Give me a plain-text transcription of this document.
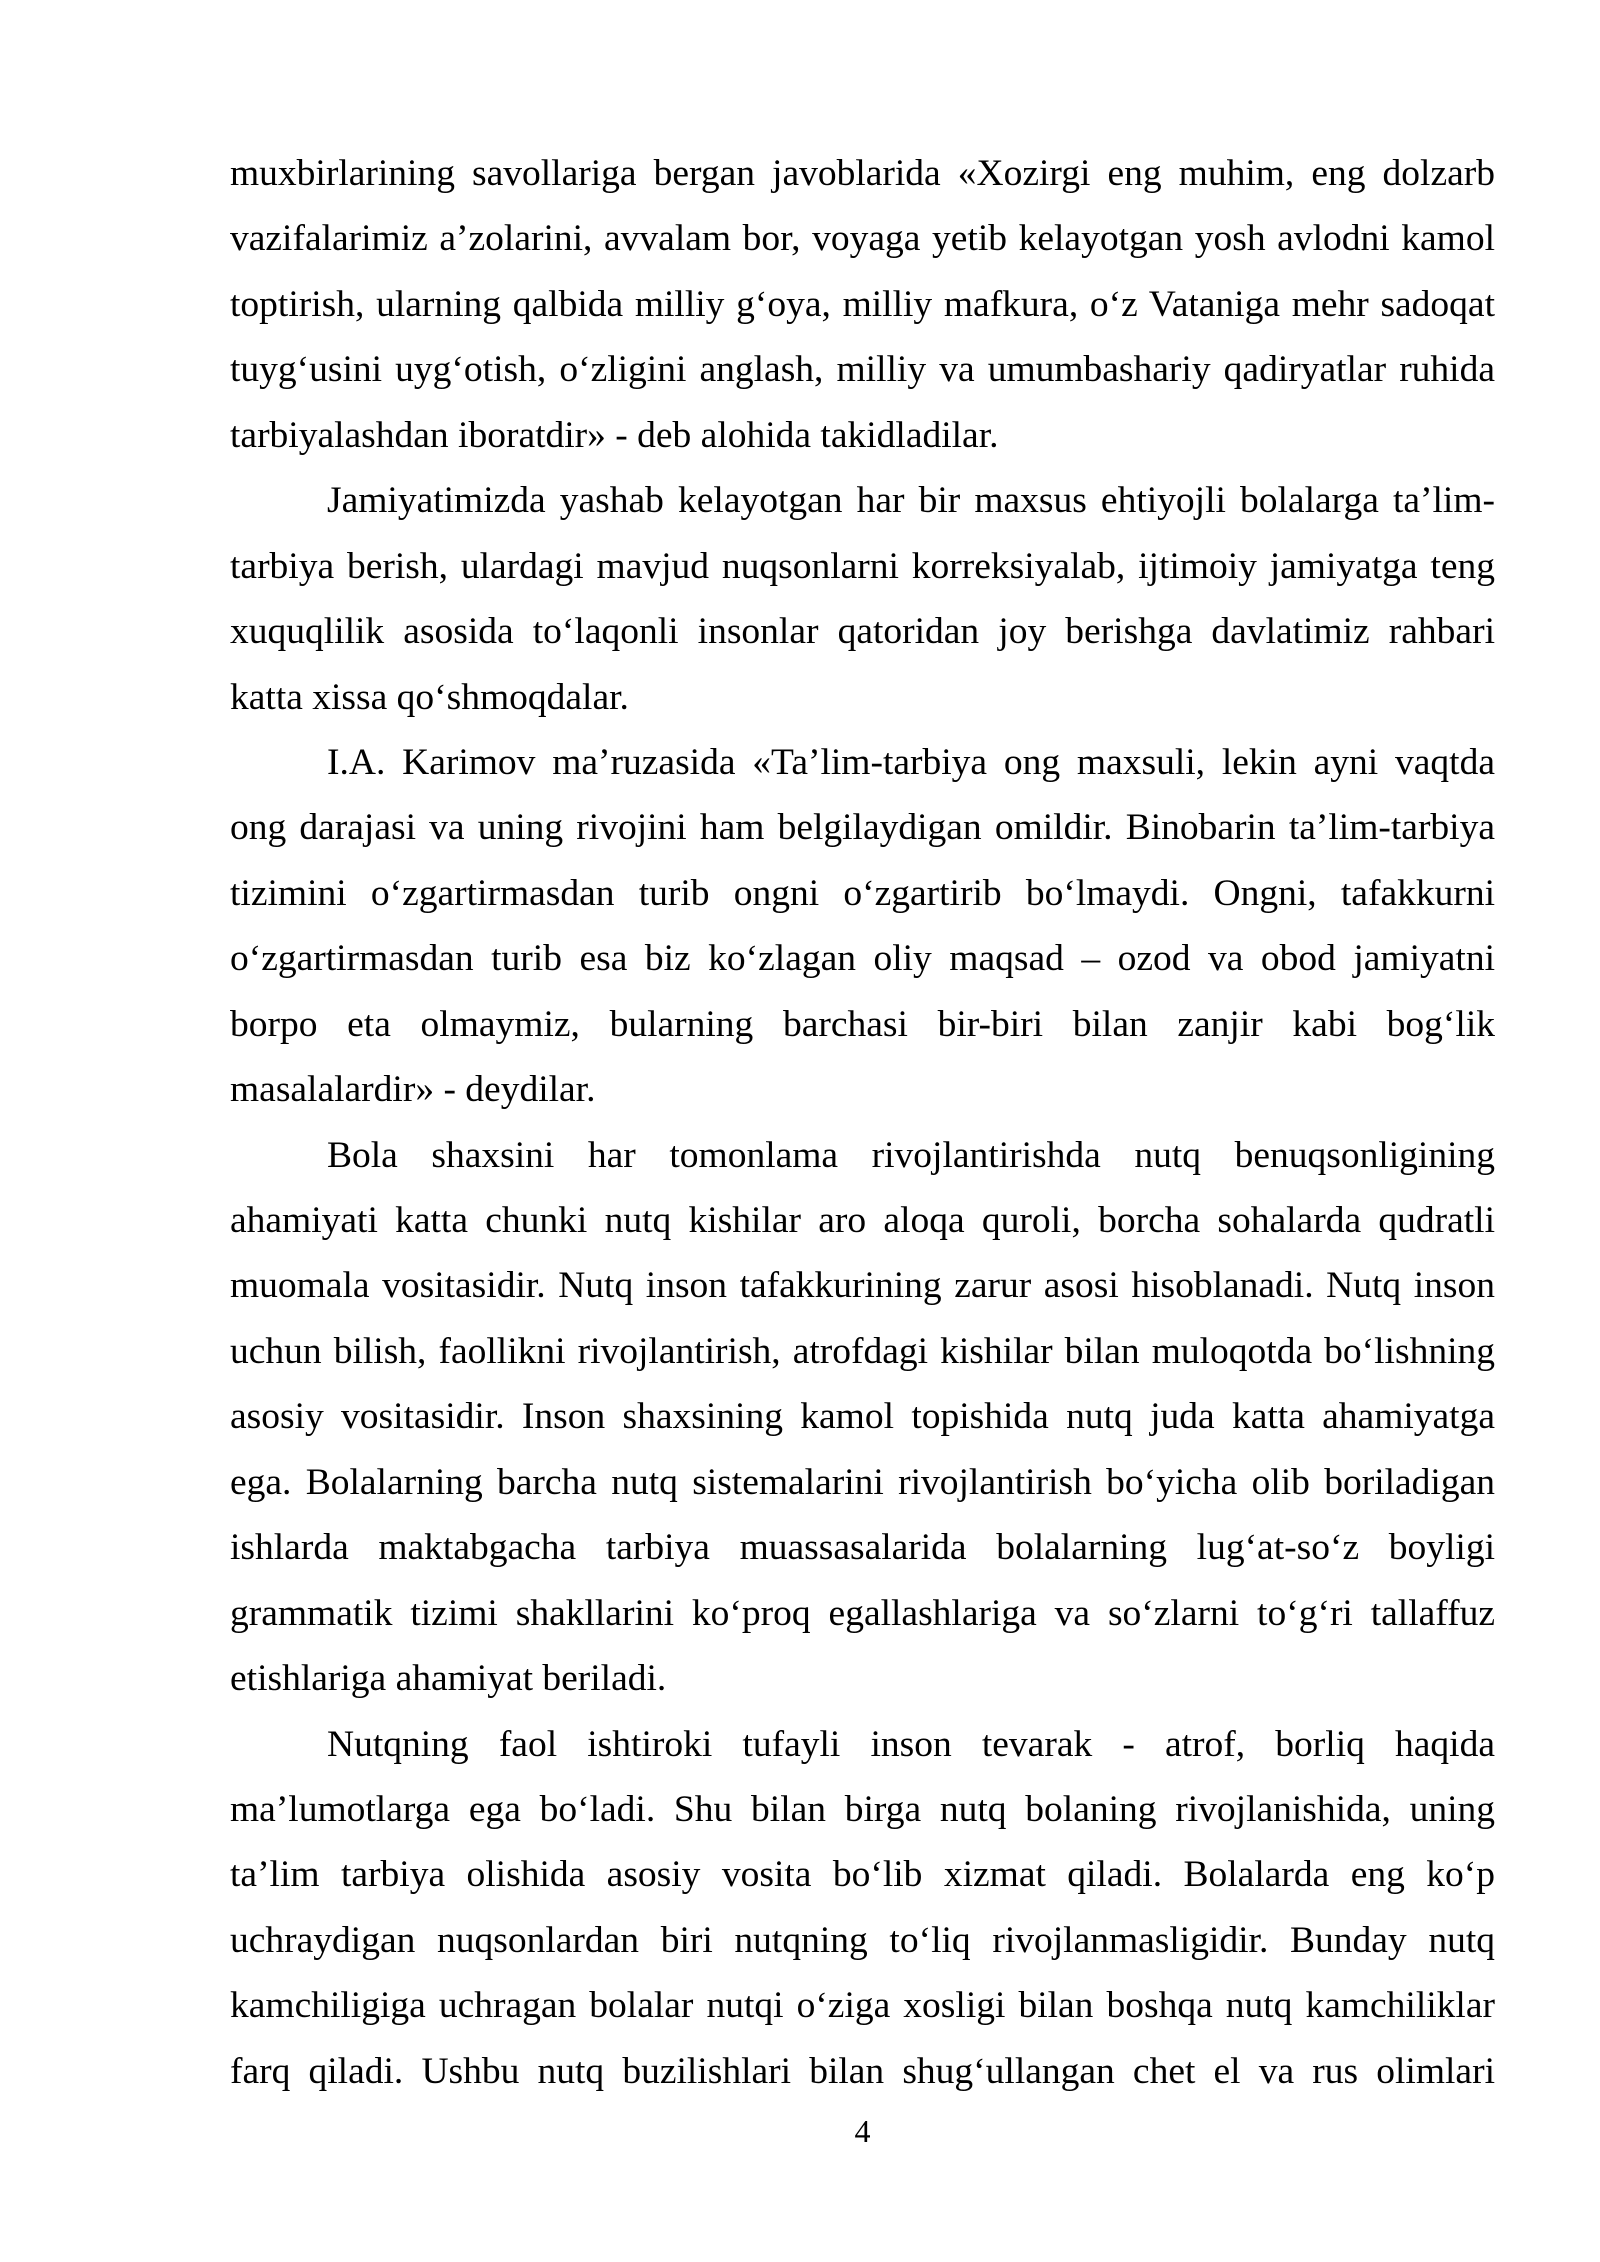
muxbirlarining savollariga bergan javoblarida «Xozirgi eng muhim, eng dolzarb
vazifalarimiz a’zolarini, avvalam bor, voyaga yetib kelayotgan yosh avlodni kamol
toptirish, ularning qalbida milliy g‘oya, milliy mafkura, o‘z Vataniga mehr sadoqat
tuyg‘usini uyg‘otish, o‘zligini anglash, milliy va umumbashariy qadiryatlar ruhida
tarbiyalashdan iboratdir» - deb alohida takidladilar.
Jamiyatimizda yashab kelayotgan har bir maxsus ehtiyojli bolalarga ta’lim-
tarbiya berish, ulardagi mavjud nuqsonlarni korreksiyalab, ijtimoiy jamiyatga teng
xuquqlilik asosida to‘laqonli insonlar qatoridan joy berishga davlatimiz rahbari
katta xissa qo‘shmoqdalar.
I.A. Karimov ma’ruzasida «Ta’lim-tarbiya ong maxsuli, lekin ayni vaqtda
ong darajasi va uning rivojini ham belgilaydigan omildir. Binobarin ta’lim-tarbiya
tizimini o‘zgartirmasdan turib ongni o‘zgartirib bo‘lmaydi. Ongni, tafakkurni
o‘zgartirmasdan turib esa biz ko‘zlagan oliy maqsad – ozod va obod jamiyatni
borpo eta olmaymiz, bularning barchasi bir-biri bilan zanjir kabi bog‘lik
masalalardir» - deydilar.
Bola shaxsini har tomonlama rivojlantirishda nutq benuqsonligining
ahamiyati katta chunki nutq kishilar aro aloqa quroli, borcha sohalarda qudratli
muomala vositasidir. Nutq inson tafakkurining zarur asosi hisoblanadi. Nutq inson
uchun bilish, faollikni rivojlantirish, atrofdagi kishilar bilan muloqotda bo‘lishning
asosiy vositasidir. Inson shaxsining kamol topishida nutq juda katta ahamiyatga
ega. Bolalarning barcha nutq sistemalarini rivojlantirish bo‘yicha olib boriladigan
ishlarda maktabgacha tarbiya muassasalarida bolalarning lug‘at-so‘z boyligi
grammatik tizimi shakllarini ko‘proq egallashlariga va so‘zlarni to‘g‘ri tallaffuz
etishlariga ahamiyat beriladi.
Nutqning faol ishtiroki tufayli inson tevarak - atrof, borliq haqida
ma’lumotlarga ega bo‘ladi. Shu bilan birga nutq bolaning rivojlanishida, uning
ta’lim tarbiya olishida asosiy vosita bo‘lib xizmat qiladi. Bolalarda eng ko‘p
uchraydigan nuqsonlardan biri nutqning to‘liq rivojlanmasligidir. Bunday nutq
kamchiligiga uchragan bolalar nutqi o‘ziga xosligi bilan boshqa nutq kamchiliklar
farq qiladi. Ushbu nutq buzilishlari bilan shug‘ullangan chet el va rus olimlari
4
